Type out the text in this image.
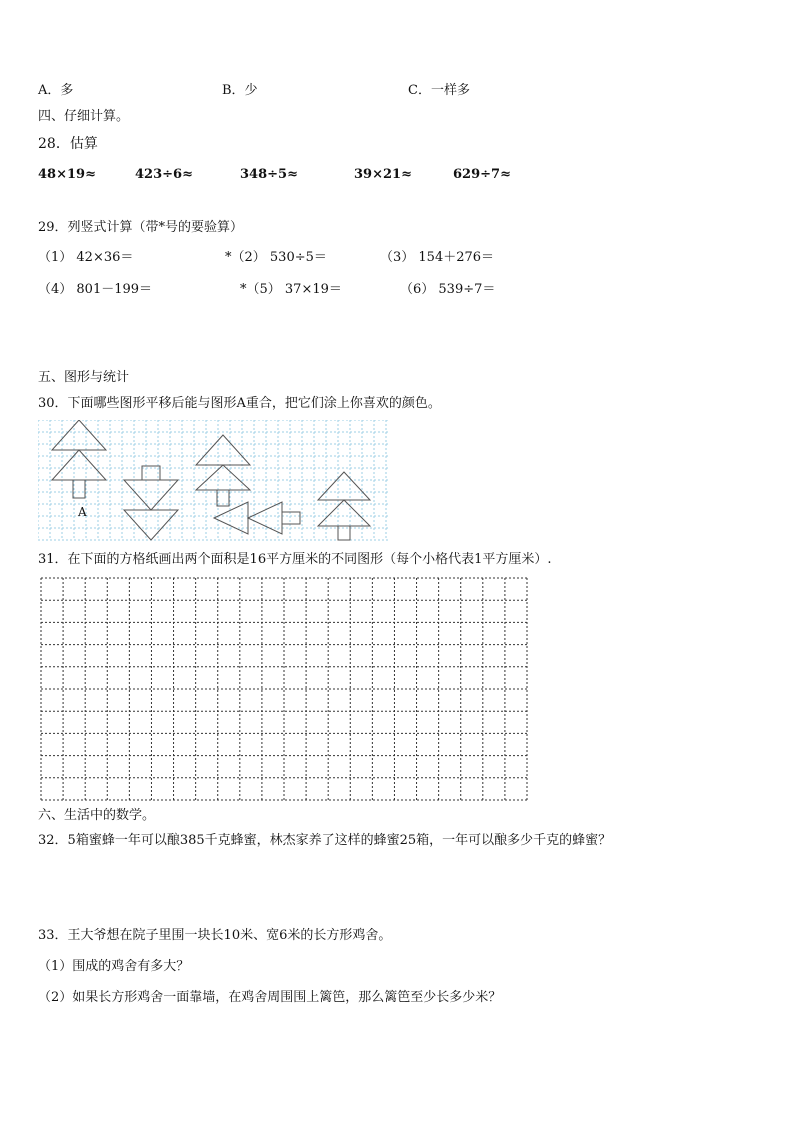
A．多	B．少	C．一样多
四、仔细计算。
28．估算
48×19≈	423÷6≈	348÷5≈	39×21≈	629÷7≈
29．列竖式计算（带*号的要验算）
（1） 42×36＝	*（2） 530÷5＝	（3） 154＋276＝
（4） 801－199＝	*（5） 37×19＝	（6） 539÷7＝
五、图形与统计
30．下面哪些图形平移后能与图形A重合，把它们涂上你喜欢的颜色。
A
31．在下面的方格纸画出两个面积是16平方厘米的不同图形（每个小格代表1平方厘米）.
六、生活中的数学。
32．5箱蜜蜂一年可以酿385千克蜂蜜，林杰家养了这样的蜂蜜25箱，一年可以酿多少千克的蜂蜜？
33．王大爷想在院子里围一块长10米、宽6米的长方形鸡舍。
（1）围成的鸡舍有多大？
（2）如果长方形鸡舍一面靠墙，在鸡舍周围围上篱笆，那么篱笆至少长多少米？
